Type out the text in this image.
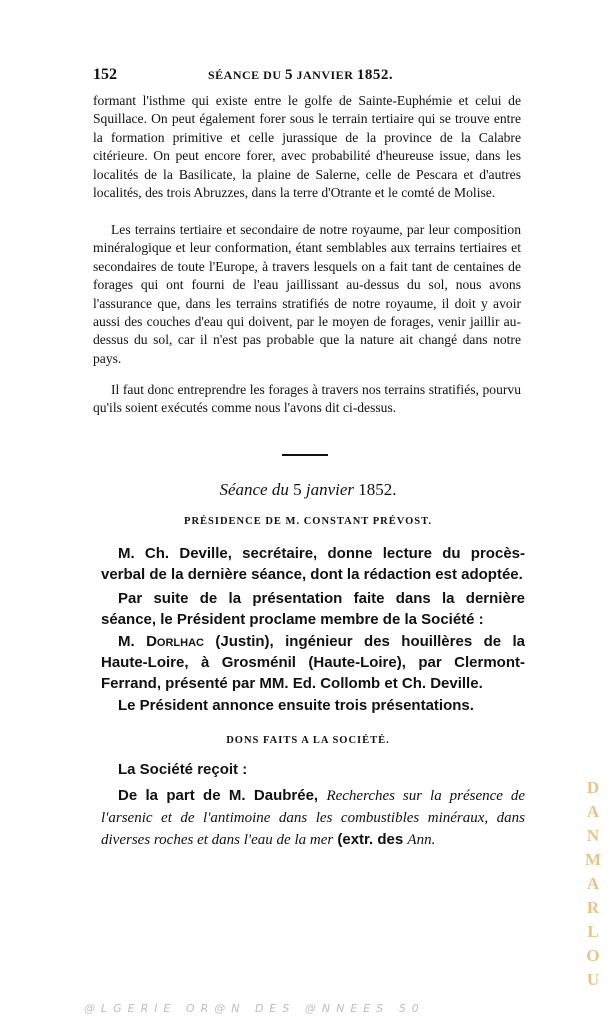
152	SÉANCE DU 5 JANVIER 1852.
formant l'isthme qui existe entre le golfe de Sainte-Euphémie et celui de Squillace. On peut également forer sous le terrain tertiaire qui se trouve entre la formation primitive et celle jurassique de la province de la Calabre citérieure. On peut encore forer, avec probabilité d'heureuse issue, dans les localités de la Basilicate, la plaine de Salerne, celle de Pescara et d'autres localités, des trois Abruzzes, dans la terre d'Otrante et le comté de Molise.
Les terrains tertiaire et secondaire de notre royaume, par leur composition minéralogique et leur conformation, étant semblables aux terrains tertiaires et secondaires de toute l'Europe, à travers lesquels on a fait tant de centaines de forages qui ont fourni de l'eau jaillissant au-dessus du sol, nous avons l'assurance que, dans les terrains stratifiés de notre royaume, il doit y avoir aussi des couches d'eau qui doivent, par le moyen de forages, venir jaillir au-dessus du sol, car il n'est pas probable que la nature ait changé dans notre pays.
Il faut donc entreprendre les forages à travers nos terrains stratifiés, pourvu qu'ils soient exécutés comme nous l'avons dit ci-dessus.
Séance du 5 janvier 1852.
PRÉSIDENCE DE M. CONSTANT PRÉVOST.
M. Ch. Deville, secrétaire, donne lecture du procès-verbal de la dernière séance, dont la rédaction est adoptée.
Par suite de la présentation faite dans la dernière séance, le Président proclame membre de la Société :
M. Dorlhac (Justin), ingénieur des houillères de la Haute-Loire, à Grosménil (Haute-Loire), par Clermont-Ferrand, présenté par MM. Ed. Collomb et Ch. Deville.
Le Président annonce ensuite trois présentations.
DONS FAITS A LA SOCIÉTÉ.
La Société reçoit :
De la part de M. Daubrée, Recherches sur la présence de l'arsenic et de l'antimoine dans les combustibles minéraux, dans diverses roches et dans l'eau de la mer (extr. des Ann.
D
A
N
M
A
R
L
O
U
@LGERIE OR@N DES @NNEES 50
